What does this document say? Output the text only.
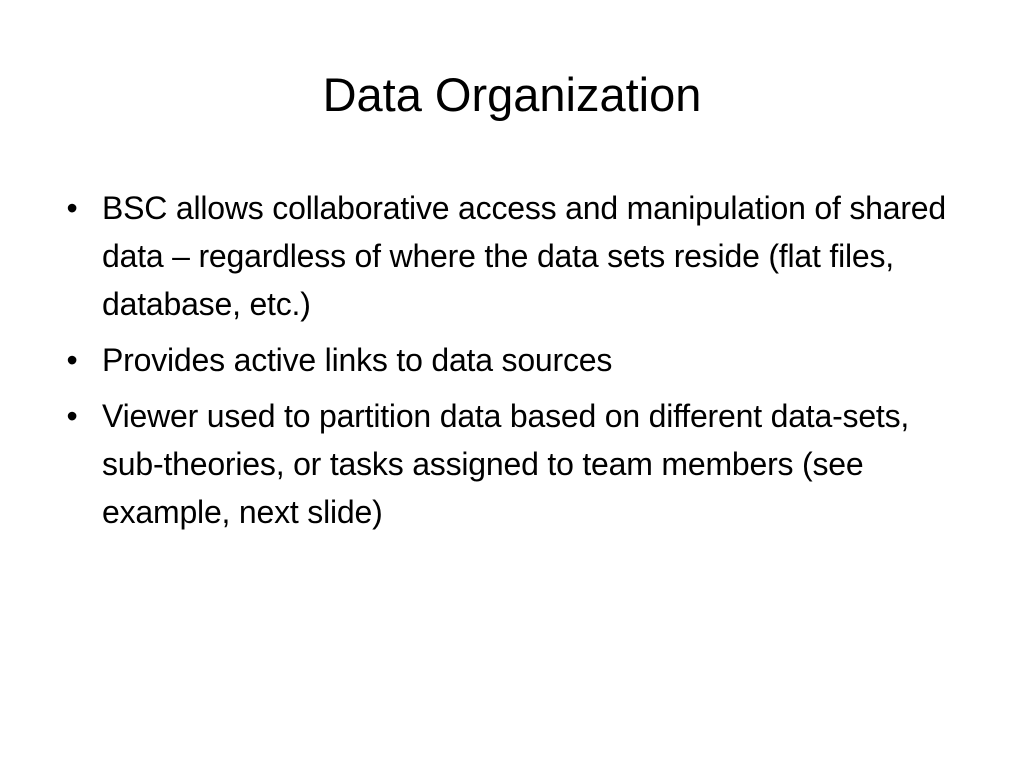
Data Organization
• BSC allows collaborative access and manipulation of shared data – regardless of where the data sets reside (flat files, database, etc.)
• Provides active links to data sources
• Viewer used to partition data based on different data-sets, sub-theories, or tasks assigned to team members (see example, next slide)
